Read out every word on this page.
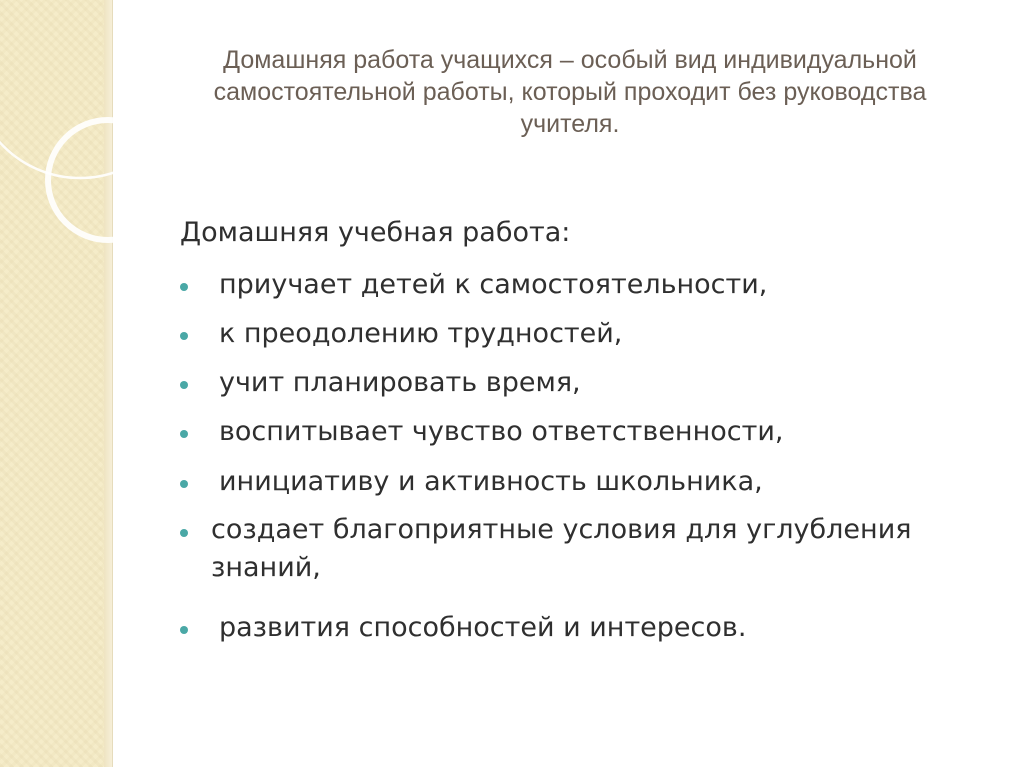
Домашняя работа учащихся – особый вид индивидуальной
самостоятельной работы, который проходит без руководства
учителя.
Домашняя учебная работа:
приучает детей к самостоятельности,
к преодолению трудностей,
учит планировать время,
воспитывает чувство ответственности,
инициативу и активность школьника,
создает благоприятные условия для углубления знаний,
развития способностей и интересов.
